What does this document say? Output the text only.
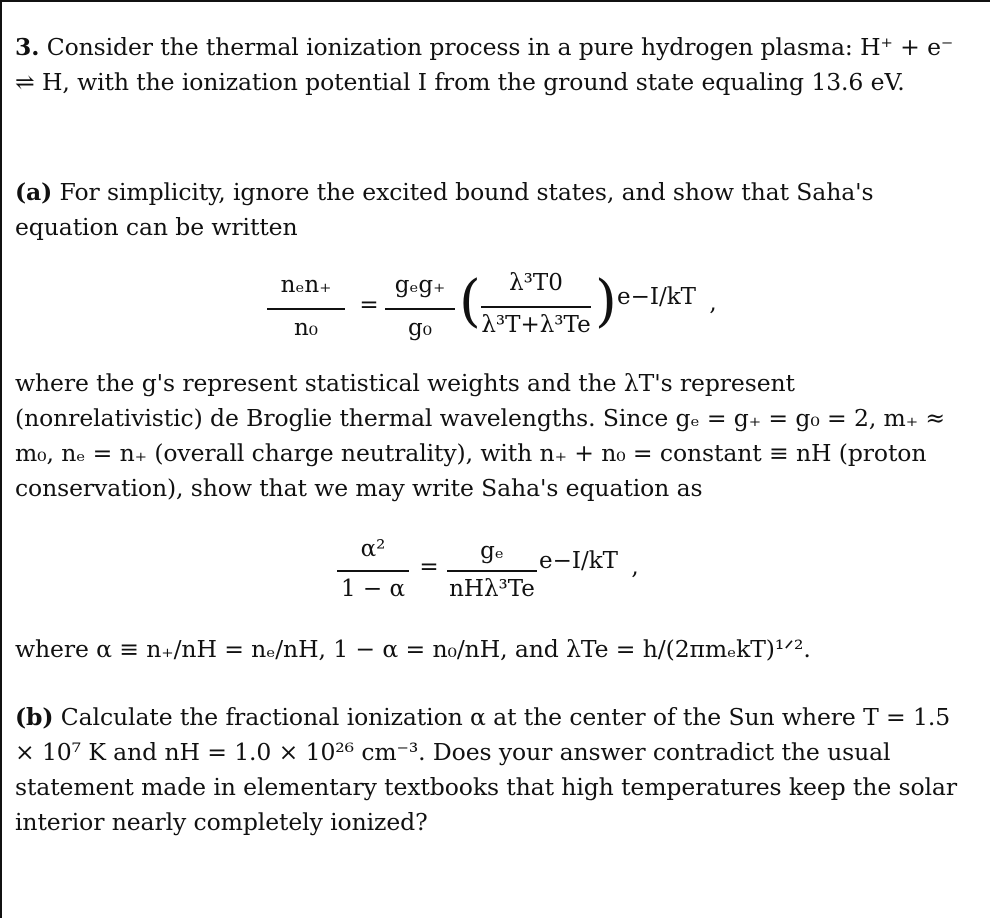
3. Consider the thermal ionization process in a pure hydrogen plasma: H⁺ + e⁻ ⇌ H, with the ionization potential I from the ground state equaling 13.6 eV.
(a) For simplicity, ignore the excited bound states, and show that Saha's equation can be written
nₑn₊
n₀
=
gₑg₊
g₀ (	λ³T0
λ³T+λ³Te ) e−I/kT ,
where the g's represent statistical weights and the λT's represent (nonrelativistic) de Broglie thermal wavelengths. Since gₑ = g₊ = g₀ = 2, m₊ ≈ m₀, nₑ = n₊ (overall charge neutrality), with n₊ + n₀ = constant ≡ nH (proton conservation), show that we may write Saha's equation as
α²
1 − α
=
gₑ
nHλ³Te
e−I/kT ,
where α ≡ n₊/nH = nₑ/nH, 1 − α = n₀/nH, and λTe = h/(2πmₑkT)¹ᐟ².
(b) Calculate the fractional ionization α at the center of the Sun where T = 1.5 × 10⁷ K and nH = 1.0 × 10²⁶ cm⁻³. Does your answer contradict the usual statement made in elementary textbooks that high temperatures keep the solar interior nearly completely ionized?
